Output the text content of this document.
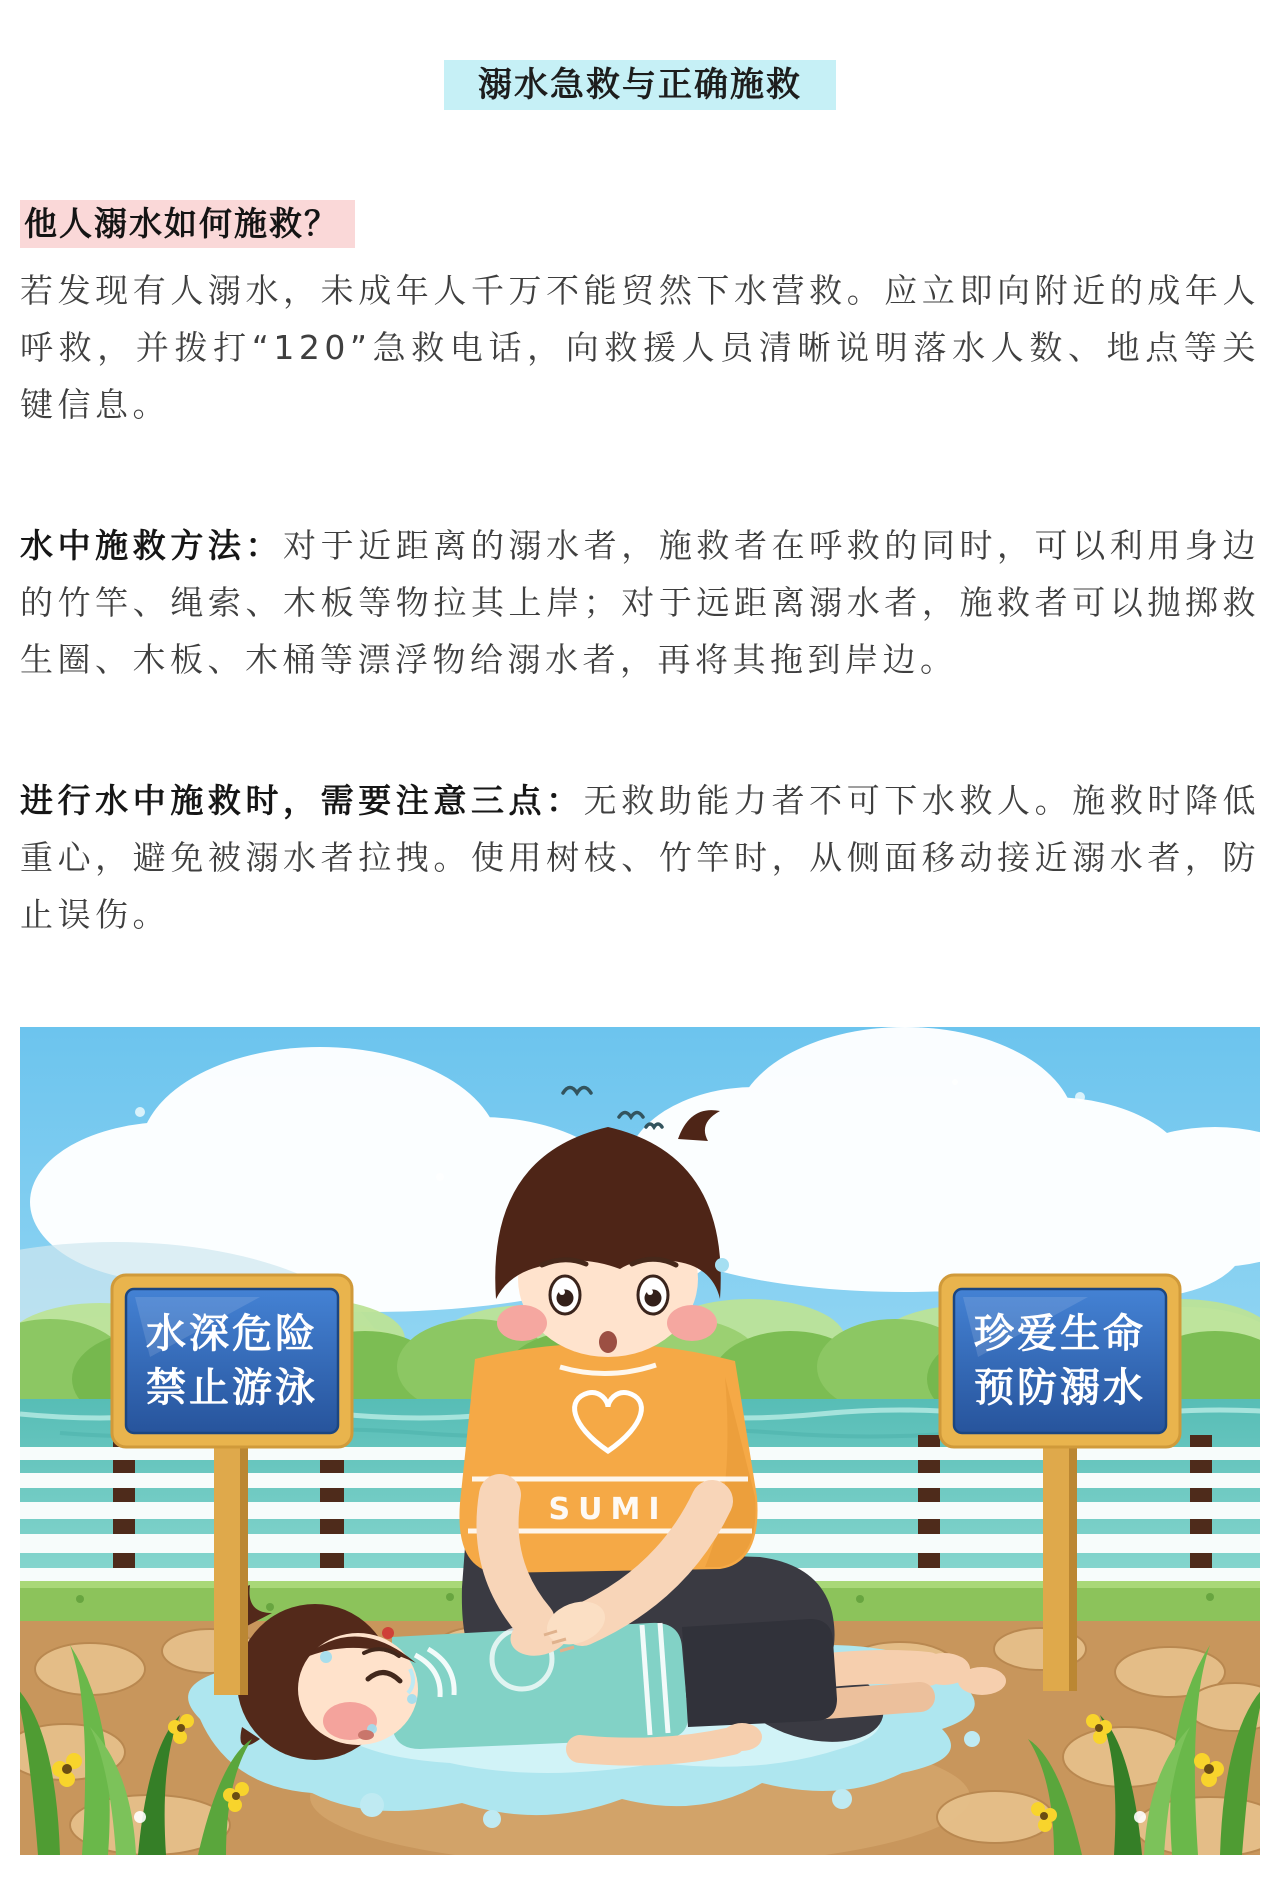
溺水急救与正确施救
他人溺水如何施救？

若发现有人溺水，未成年人千万不能贸然下水营救。应立即向附近的成年人呼救，并拨打“120”急救电话，向救援人员清晰说明落水人数、地点等关键信息。

水中施救方法：对于近距离的溺水者，施救者在呼救的同时，可以利用身边的竹竿、绳索、木板等物拉其上岸；对于远距离溺水者，施救者可以抛掷救生圈、木板、木桶等漂浮物给溺水者，再将其拖到岸边。

进行水中施救时，需要注意三点：无救助能力者不可下水救人。施救时降低重心，避免被溺水者拉拽。使用树枝、竹竿时，从侧面移动接近溺水者，防止误伤。

SUMI
水深危险
禁止游泳
珍爱生命
预防溺水
